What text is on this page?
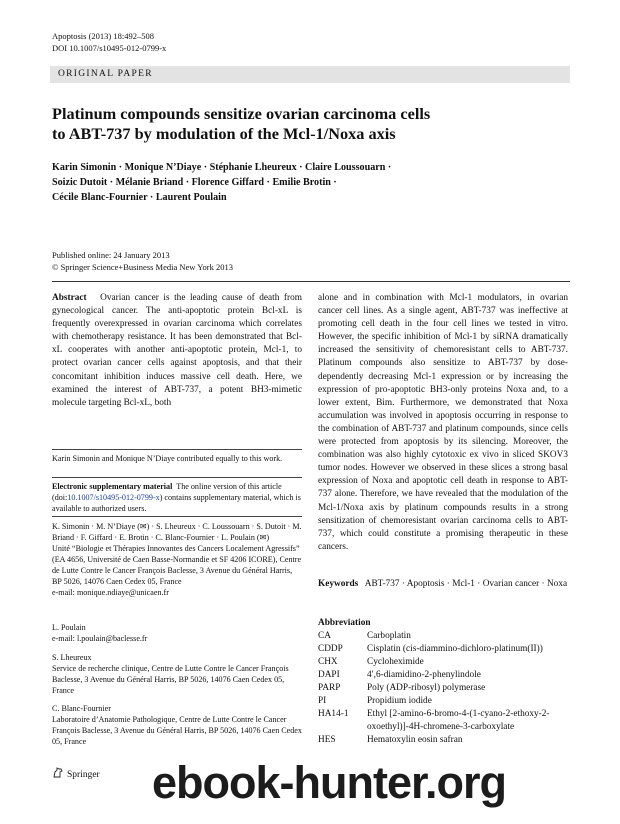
Apoptosis (2013) 18:492–508
DOI 10.1007/s10495-012-0799-x
ORIGINAL PAPER
Platinum compounds sensitize ovarian carcinoma cells
to ABT-737 by modulation of the Mcl-1/Noxa axis
Karin Simonin · Monique N’Diaye · Stéphanie Lheureux · Claire Loussouarn ·
Soizic Dutoit · Mélanie Briand · Florence Giffard · Emilie Brotin ·
Cécile Blanc-Fournier · Laurent Poulain
Published online: 24 January 2013
© Springer Science+Business Media New York 2013
Abstract Ovarian cancer is the leading cause of death from gynecological cancer. The anti-apoptotic protein Bcl-xL is frequently overexpressed in ovarian carcinoma which correlates with chemotherapy resistance. It has been demonstrated that Bcl-xL cooperates with another anti-apoptotic protein, Mcl-1, to protect ovarian cancer cells against apoptosis, and that their concomitant inhibition induces massive cell death. Here, we examined the interest of ABT-737, a potent BH3-mimetic molecule targeting Bcl-xL, both
alone and in combination with Mcl-1 modulators, in ovarian cancer cell lines. As a single agent, ABT-737 was ineffective at promoting cell death in the four cell lines we tested in vitro. However, the specific inhibition of Mcl-1 by siRNA dramatically increased the sensitivity of chemoresistant cells to ABT-737. Platinum compounds also sensitize to ABT-737 by dose-dependently decreasing Mcl-1 expression or by increasing the expression of pro-apoptotic BH3-only proteins Noxa and, to a lower extent, Bim. Furthermore, we demonstrated that Noxa accumulation was involved in apoptosis occurring in response to the combination of ABT-737 and platinum compounds, since cells were protected from apoptosis by its silencing. Moreover, the combination was also highly cytotoxic ex vivo in sliced SKOV3 tumor nodes. However we observed in these slices a strong basal expression of Noxa and apoptotic cell death in response to ABT-737 alone. Therefore, we have revealed that the modulation of the Mcl-1/Noxa axis by platinum compounds results in a strong sensitization of chemoresistant ovarian carcinoma cells to ABT-737, which could constitute a promising therapeutic in these cancers.
Karin Simonin and Monique N’Diaye contributed equally to this work.
Electronic supplementary material The online version of this article (doi:10.1007/s10495-012-0799-x) contains supplementary material, which is available to authorized users.
K. Simonin · M. N’Diaye (✉) · S. Lheureux · C. Loussouarn · S. Dutoit · M. Briand · F. Giffard · E. Brotin · C. Blanc-Fournier · L. Poulain (✉)
Unité “Biologie et Thérapies Innovantes des Cancers Localement Agressifs” (EA 4656, Université de Caen Basse-Normandie et SF 4206 ICORE), Centre de Lutte Contre le Cancer François Baclesse, 3 Avenue du Général Harris, BP 5026, 14076 Caen Cedex 05, France
e-mail: monique.ndiaye@unicaen.fr
L. Poulain
e-mail: l.poulain@baclesse.fr
S. Lheureux
Service de recherche clinique, Centre de Lutte Contre le Cancer François Baclesse, 3 Avenue du Général Harris, BP 5026, 14076 Caen Cedex 05, France
C. Blanc-Fournier
Laboratoire d’Anatomie Pathologique, Centre de Lutte Contre le Cancer François Baclesse, 3 Avenue du Général Harris, BP 5026, 14076 Caen Cedex 05, France
Keywords ABT-737 · Apoptosis · Mcl-1 · Ovarian cancer · Noxa
Abbreviation
CA	Carboplatin
CDDP	Cisplatin (cis-diammino-dichloro-platinum(II))
CHX	Cycloheximide
DAPI	4′,6-diamidino-2-phenylindole
PARP	Poly (ADP-ribosyl) polymerase
PI	Propidium iodide
HA14-1	Ethyl [2-amino-6-bromo-4-(1-cyano-2-ethoxy-2-oxoethyl)]-4H-chromene-3-carboxylate
HES	Hematoxylin eosin safran
Springer ebook-hunter.org
